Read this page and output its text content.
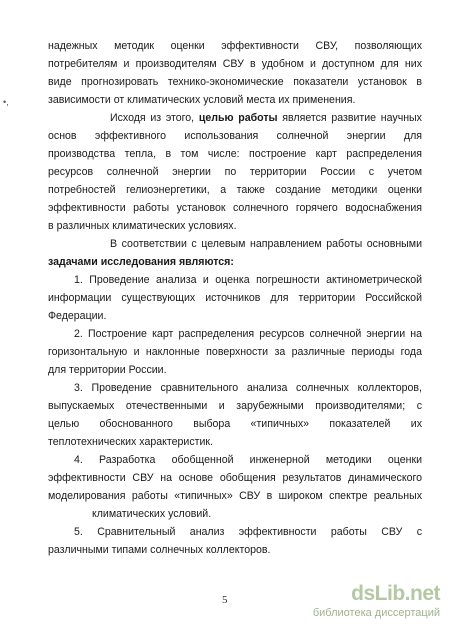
•,
надежных методик оценки эффективности СВУ, позволяющих
потребителям и производителям СВУ в удобном и доступном для них
виде прогнозировать технико-экономические показатели установок в
зависимости от климатических условий места их применения.
Исходя из этого, целью работы является развитие научных
основ эффективного использования солнечной энергии для
производства тепла, в том числе: построение карт распределения
ресурсов солнечной энергии по территории России с учетом
потребностей гелиоэнергетики, а также создание методики оценки
эффективности работы установок солнечного горячего водоснабжения
в различных климатических условиях.
В соответствии с целевым направлением работы основными
задачами исследования являются:
1. Проведение анализа и оценка погрешности актинометрической
информации существующих источников для территории Российской
Федерации.
2. Построение карт распределения ресурсов солнечной энергии на
горизонтальную и наклонные поверхности за различные периоды года
для территории России.
3. Проведение сравнительного анализа солнечных коллекторов,
выпускаемых отечественными и зарубежными производителями; с
целью обоснованного выбора «типичных» показателей их
теплотехнических характеристик.
4. Разработка обобщенной инженерной методики оценки
эффективности СВУ на основе обобщения результатов динамического
моделирования работы «типичных» СВУ в широком спектре реальных
климатических условий.
5. Сравнительный анализ эффективности работы СВУ с
различными типами солнечных коллекторов.
5	dsLib.net
библиотека диссертаций
